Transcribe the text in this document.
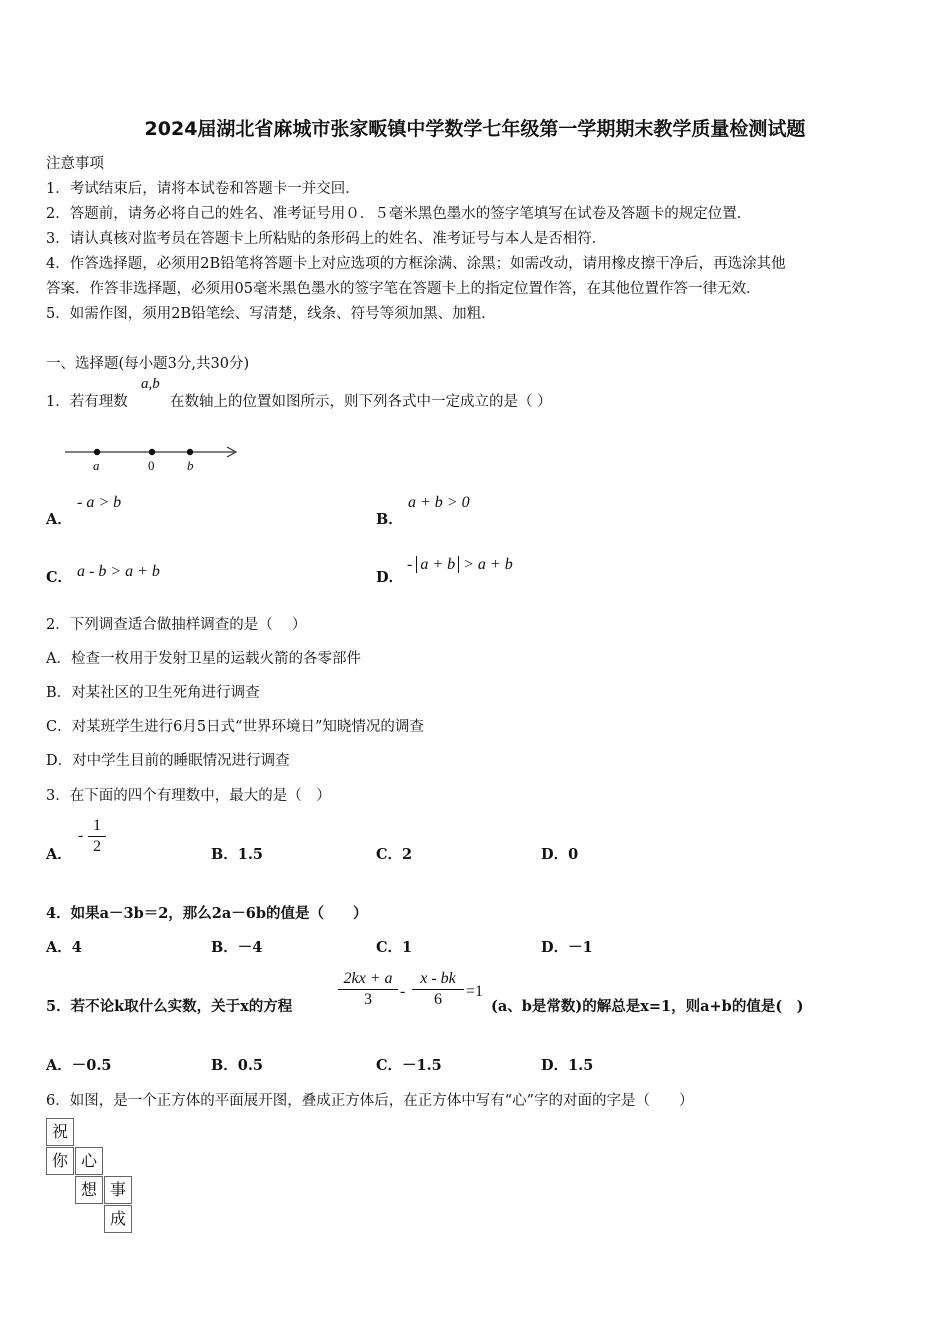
2024届湖北省麻城市张家畈镇中学数学七年级第一学期期末教学质量检测试题
注意事项
1．考试结束后，请将本试卷和答题卡一并交回．
2．答题前，请务必将自己的姓名、准考证号用０．５毫米黑色墨水的签字笔填写在试卷及答题卡的规定位置．
3．请认真核对监考员在答题卡上所粘贴的条形码上的姓名、准考证号与本人是否相符．
4．作答选择题，必须用2B铅笔将答题卡上对应选项的方框涂满、涂黑；如需改动，请用橡皮擦干净后，再选涂其他
答案．作答非选择题，必须用05毫米黑色墨水的签字笔在答题卡上的指定位置作答，在其他位置作答一律无效．
5．如需作图，须用2B铅笔绘、写清楚，线条、符号等须加黑、加粗．
一、选择题(每小题3分,共30分)
1．若有理数
a,b
在数轴上的位置如图所示，则下列各式中一定成立的是（ ）
a	0	b
A．
- a > b
B．
a + b > 0
C． a - b > a + b	D．
- a + b > a + b
2．下列调查适合做抽样调查的是（　 ）
A．检查一枚用于发射卫星的运载火箭的各零部件
B．对某社区的卫生死角进行调查
C．对某班学生进行6月5日式“世界环境日”知晓情况的调查
D．对中学生目前的睡眠情况进行调查
3．在下面的四个有理数中，最大的是（　）
A．
-
1
2	B．1.5	C．2	D．0
4．如果a－3b＝2，那么2a－6b的值是（　　）
A．4	B．－4	C．1	D．－1
5．若不论k取什么实数，关于x的方程
2kx + a
3	-
x - bk
6	=1
(a、b是常数)的解总是x=1，则a+b的值是(　)
A．－0.5	B．0.5	C．－1.5	D．1.5
6．如图，是一个正方体的平面展开图，叠成正方体后，在正方体中写有“心”字的对面的字是（　　）
祝
你 心
想 事
成
